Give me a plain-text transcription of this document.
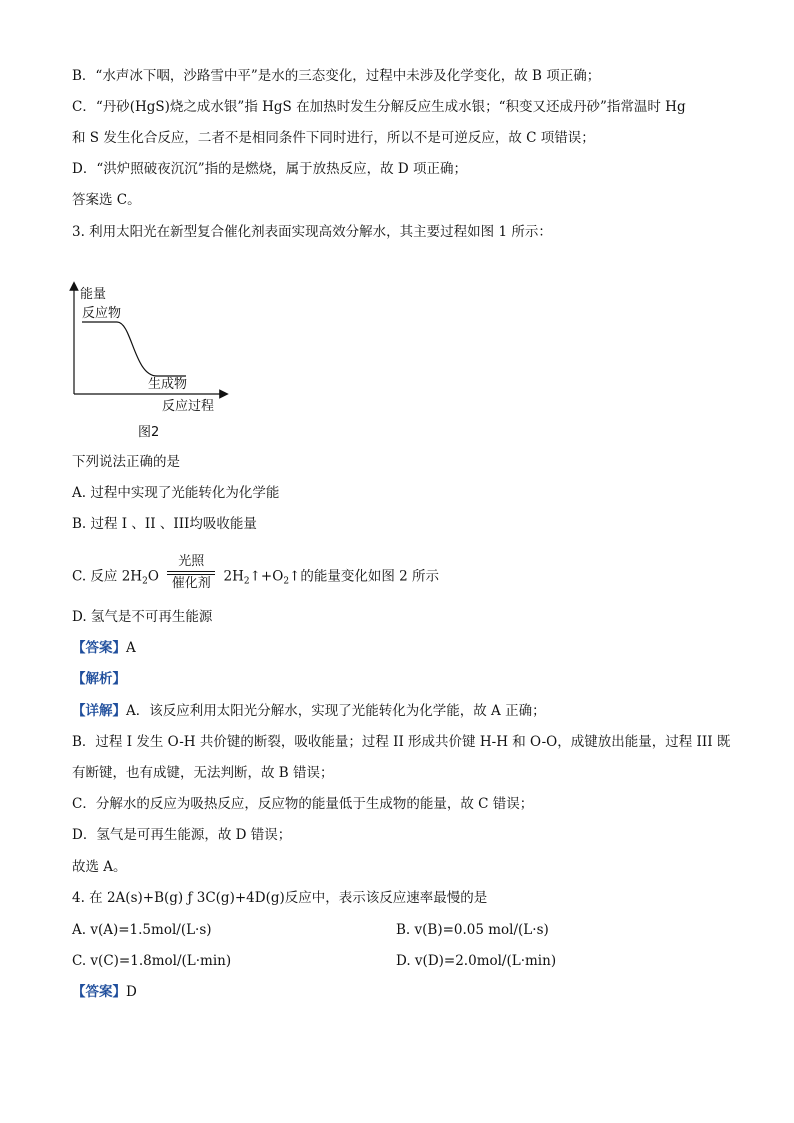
B．“水声冰下咽，沙路雪中平”是水的三态变化，过程中未涉及化学变化，故 B 项正确；
C．“丹砂(HgS)烧之成水银”指 HgS 在加热时发生分解反应生成水银；“积变又还成丹砂”指常温时 Hg
和 S 发生化合反应，二者不是相同条件下同时进行，所以不是可逆反应，故 C 项错误；
D．“洪炉照破夜沉沉”指的是燃烧，属于放热反应，故 D 项正确；
答案选 C。
3. 利用太阳光在新型复合催化剂表面实现高效分解水，其主要过程如图 1 所示：
能量
反应物
生成物
反应过程
图2
下列说法正确的是
A. 过程中实现了光能转化为化学能
B. 过程 I 、II 、III均吸收能量
C. 反应 $2H_2O$
光照
催化剂 $2H_2↑+O_2↑$的能量变化如图 2 所示
D. 氢气是不可再生能源
【答案】A
【解析】
【详解】A．该反应利用太阳光分解水，实现了光能转化为化学能，故 A 正确；
B．过程 I 发生 O-H 共价键的断裂，吸收能量；过程 II 形成共价键 H-H 和 O-O，成键放出能量，过程 III 既
有断键，也有成键，无法判断，故 B 错误；
C．分解水的反应为吸热反应，反应物的能量低于生成物的能量，故 C 错误；
D．氢气是可再生能源，故 D 错误；
故选 A。
4. 在 2A(s)+B(g) ƒ 3C(g)+4D(g)反应中，表示该反应速率最慢的是
A. v(A)=1.5mol/(L·s)	B. v(B)=0.05 mol/(L·s)
C. v(C)=1.8mol/(L·min)	D. v(D)=2.0mol/(L·min)
【答案】D
